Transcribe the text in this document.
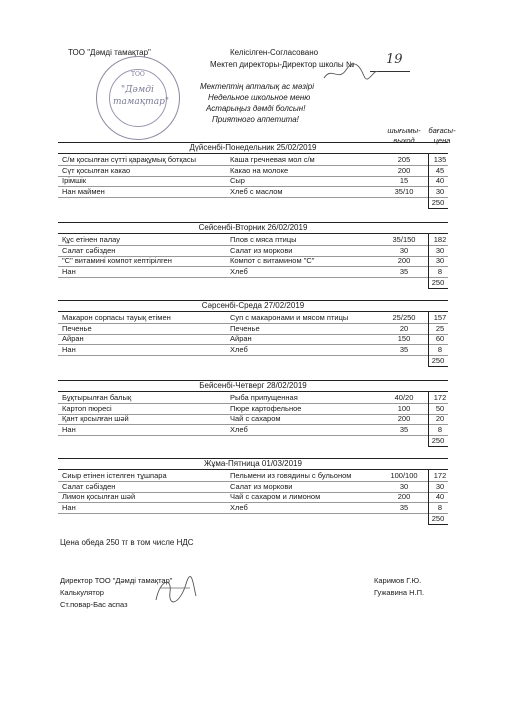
ТОО "Дәмді тамақтар"	Келісілген-Согласовано
Мектеп директоры-Директор школы № 19
ТОО
"Дәмді
тамақтар"
Мектептің апталық ас мәзірі
Недельное школьное меню
Астарыңыз дәмді болсын!
Приятного аппетита!
шығымы-
выход
бағасы-
цена
Дүйсенбі-Понедельник 25/02/2019
С/м қосылған сүтті қарақұмық ботқасы	Каша гречневая мол с/м	205	135
Сүт қосылған какао	Какао на молоке	200	45
Ірімшік	Сыр	15	40
Нан маймен	Хлеб с маслом	35/10	30
250
Сейсенбі-Вторник 26/02/2019
Құс етінен палау	Плов с мяса птицы	35/150	182
Салат сәбізден	Салат из моркови	30	30
"С" витамині компот кептірілген	Компот с витамином "С"	200	30
Нан	Хлеб	35	8
250
Сәрсенбі-Среда 27/02/2019
Макарон сорпасы тауық етімен	Суп с макаронами и мясом птицы	25/250	157
Печенье	Печенье	20	25
Айран	Айран	150	60
Нан	Хлеб	35	8
250
Бейсенбі-Четверг 28/02/2019
Бұқтырылған балық	Рыба припущенная	40/20	172
Картоп пюресі	Пюре картофельное	100	50
Қант қосылған шәй	Чай с сахаром	200	20
Нан	Хлеб	35	8
250
Жұма-Пятница 01/03/2019
Сиыр етінен істелген тұшпара	Пельмени из говядины с бульоном	100/100	172
Салат сәбізден	Салат из моркови	30	30
Лимон қосылған шәй	Чай с сахаром и лимоном	200	40
Нан	Хлеб	35	8
250
Цена обеда 250 тг в том числе НДС
Директор ТОО "Дәмді тамақтар"
Калькулятор
Ст.повар-Бас аспаз
Каримов Г.Ю.
Гужавина Н.П.
